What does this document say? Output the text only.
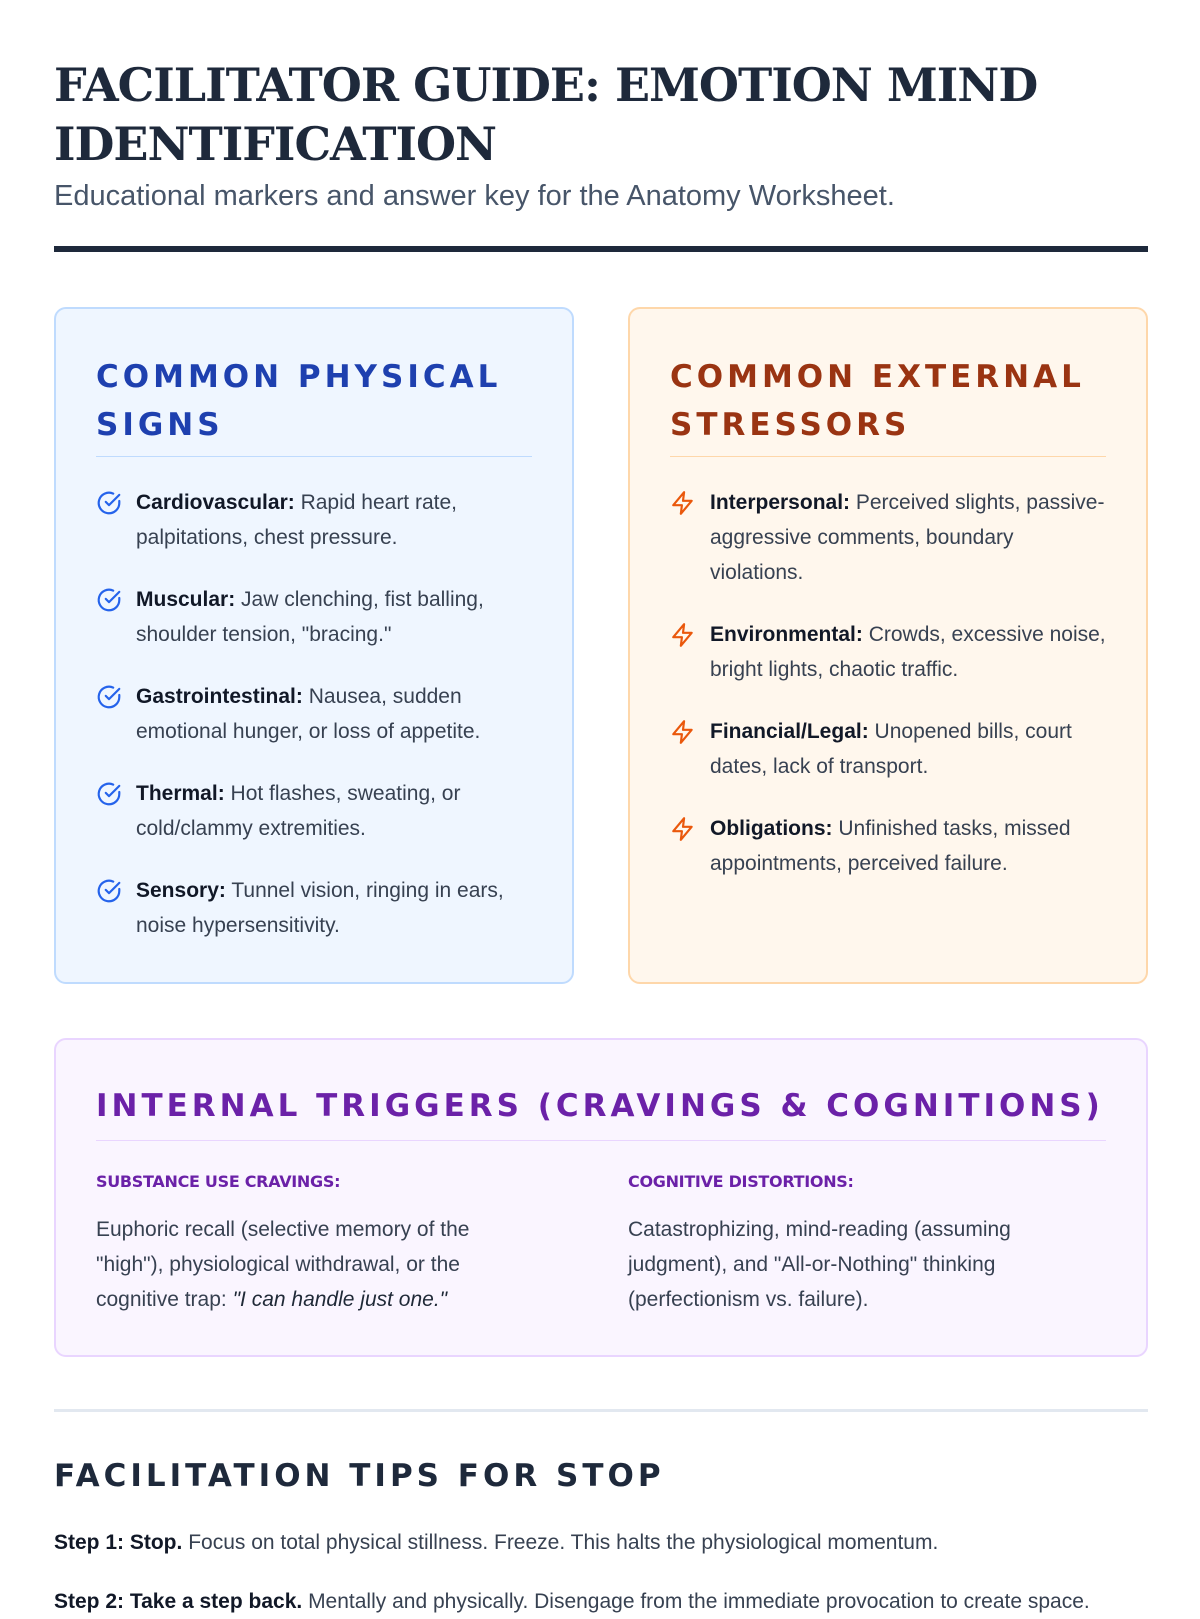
FACILITATOR GUIDE: EMOTION MIND IDENTIFICATION

Educational markers and answer key for the Anatomy Worksheet.

COMMON PHYSICAL SIGNS
Cardiovascular: Rapid heart rate, palpitations, chest pressure.
Muscular: Jaw clenching, fist balling, shoulder tension, "bracing."
Gastrointestinal: Nausea, sudden emotional hunger, or loss of appetite.
Thermal: Hot flashes, sweating, or cold/clammy extremities.
Sensory: Tunnel vision, ringing in ears, noise hypersensitivity.
COMMON EXTERNAL STRESSORS
Interpersonal: Perceived slights, passive-aggressive comments, boundary violations.
Environmental: Crowds, excessive noise, bright lights, chaotic traffic.
Financial/Legal: Unopened bills, court dates, lack of transport.
Obligations: Unfinished tasks, missed appointments, perceived failure.
INTERNAL TRIGGERS (CRAVINGS & COGNITIONS)

SUBSTANCE USE CRAVINGS:

Euphoric recall (selective memory of the "high"), physiological withdrawal, or the cognitive trap: "I can handle just one."

COGNITIVE DISTORTIONS:

Catastrophizing, mind-reading (assuming judgment), and "All-or-Nothing" thinking (perfectionism vs. failure).

FACILITATION TIPS FOR STOP

Step 1: Stop. Focus on total physical stillness. Freeze. This halts the physiological momentum.

Step 2: Take a step back. Mentally and physically. Disengage from the immediate provocation to create space.
